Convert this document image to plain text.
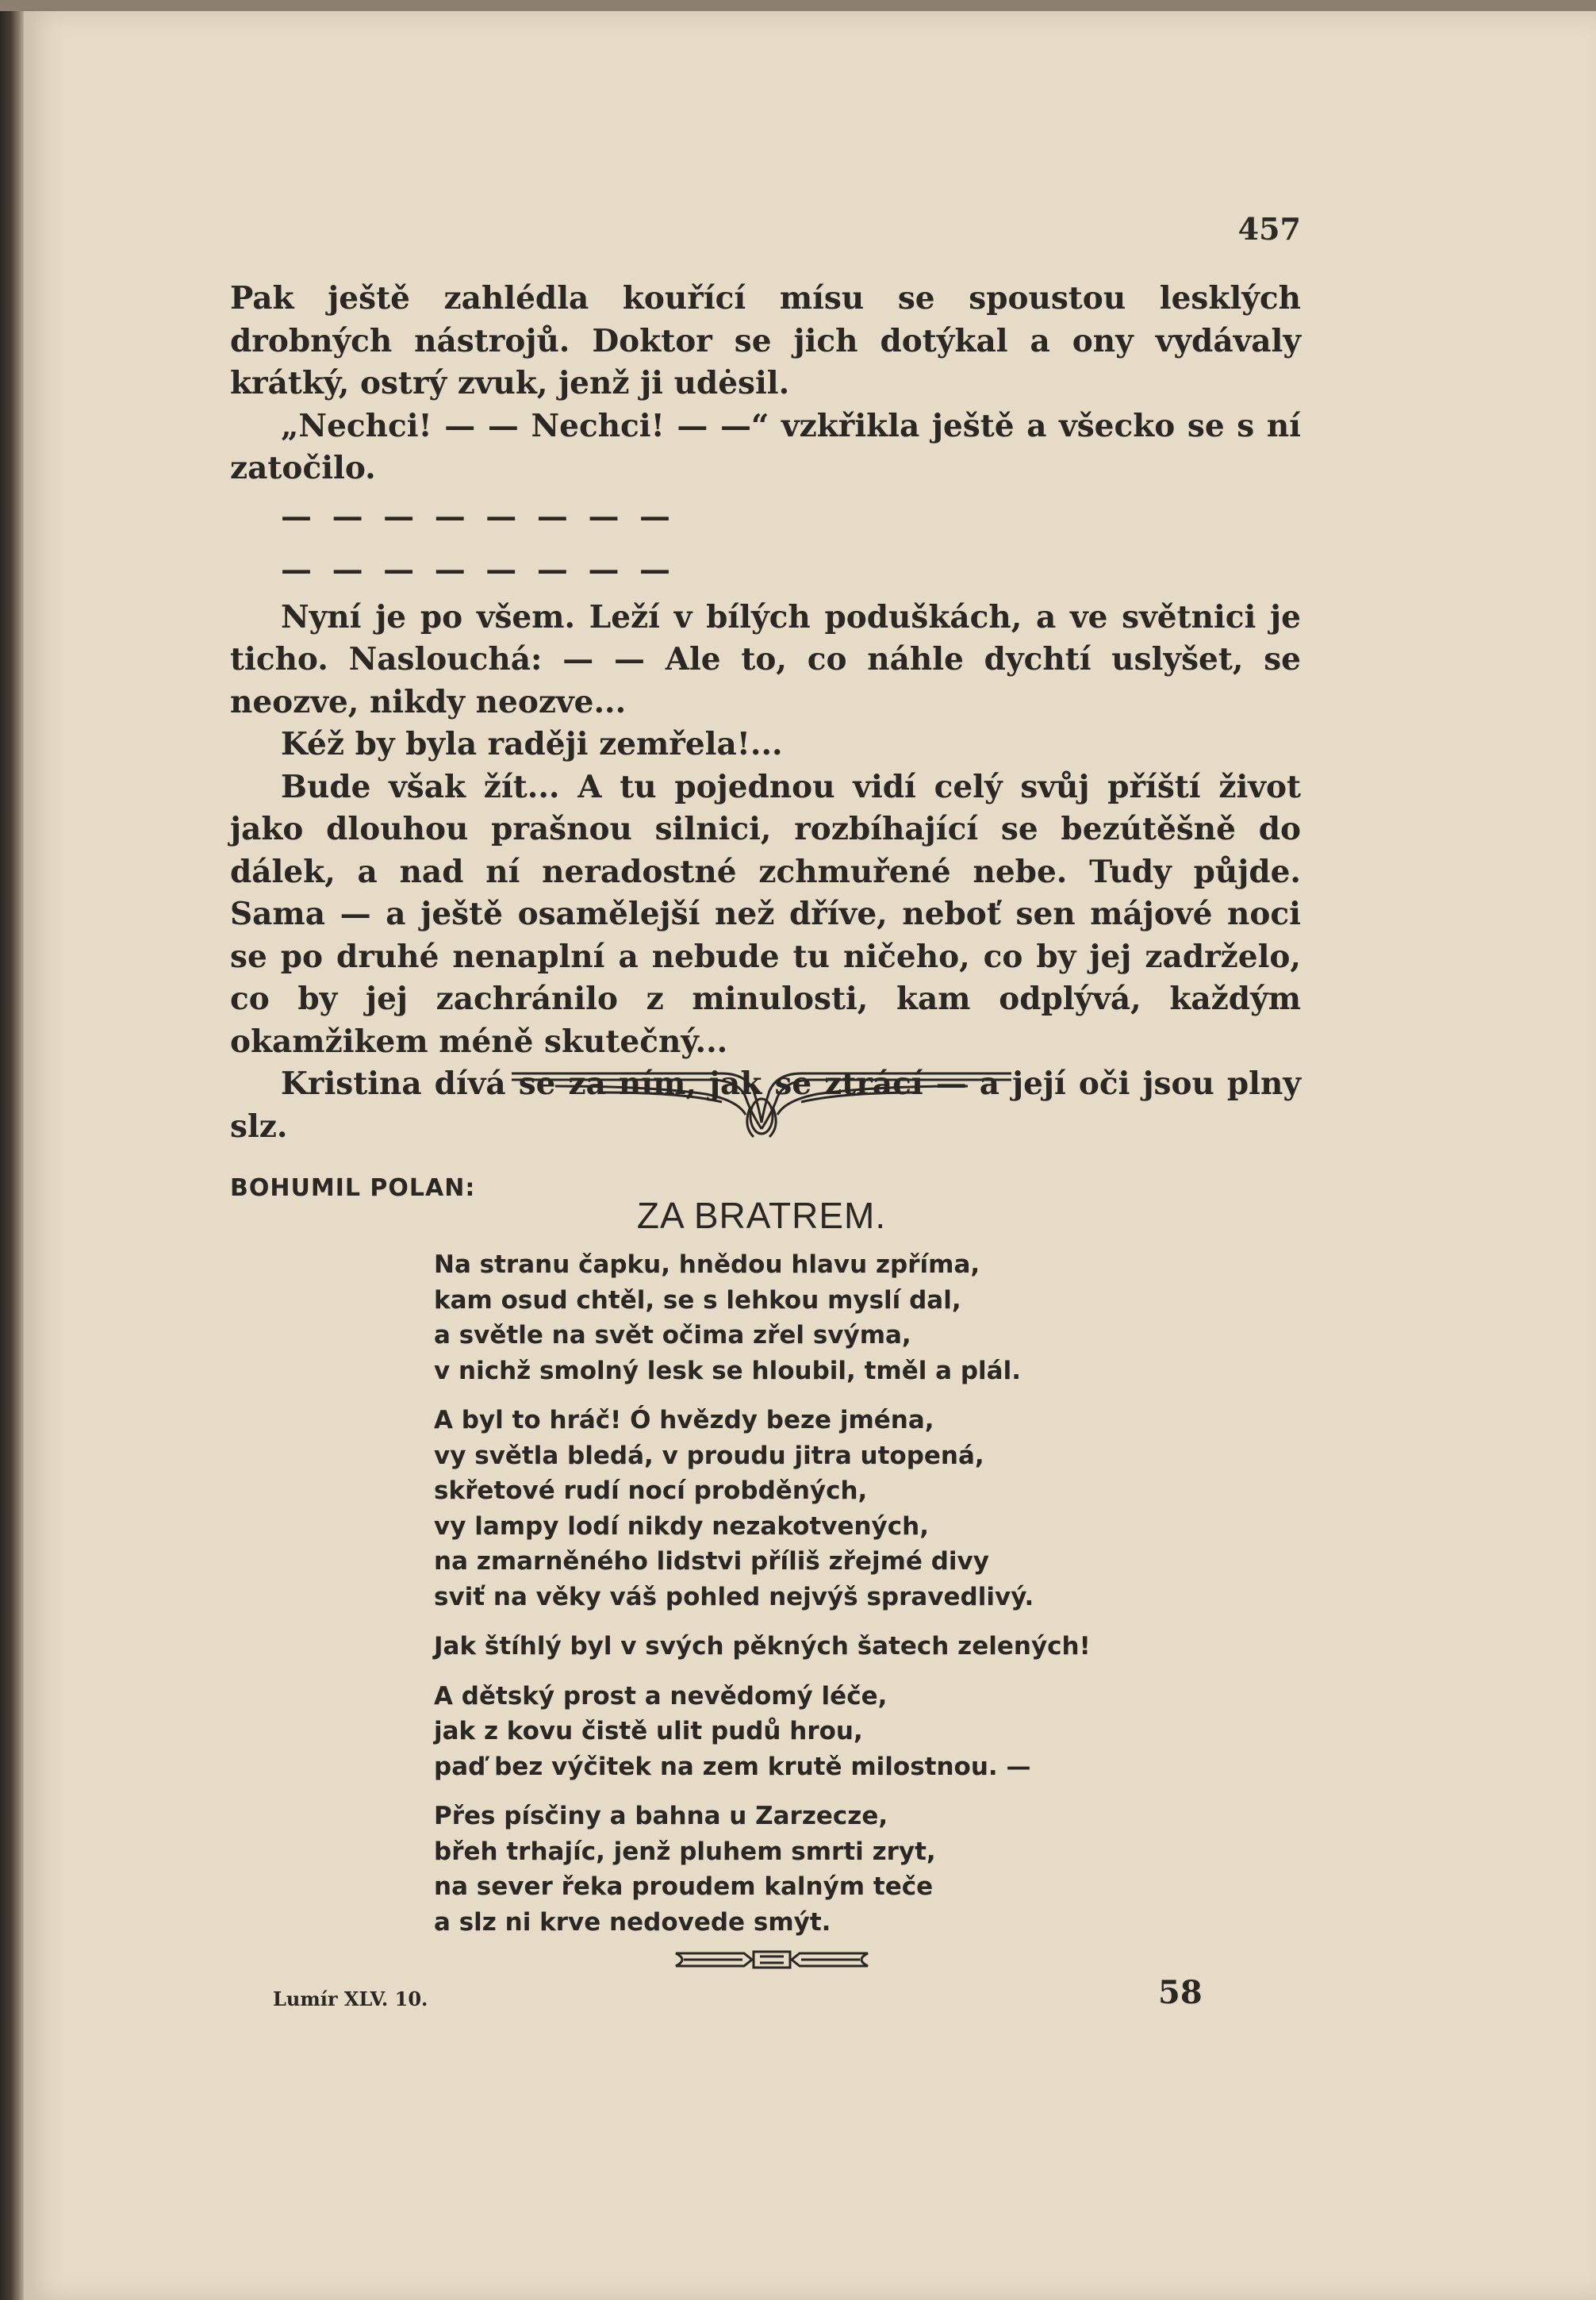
457

Pak ještě zahlédla kouřící mísu se spoustou lesklých drobných nástrojů. Doktor se jich dotýkal a ony vydávaly krátký, ostrý zvuk, jenž ji udėsil.

„Nechci! — — Nechci! — —“ vzkřikla ještě a všecko se s ní zatočilo.

— — — — — — — —

— — — — — — — —

Nyní je po všem. Leží v bílých poduškách, a ve světnici je ticho. Naslouchá: — — Ale to, co náhle dychtí uslyšet, se neozve, nikdy neozve...

Kéž by byla raději zemřela!...

Bude však žít... A tu pojednou vidí celý svůj příští život jako dlouhou prašnou silnici, rozbíhající se bezútěšně do dálek, a nad ní neradostné zchmuřené nebe. Tudy půjde. Sama — a ještě osamělejší než dříve, neboť sen májové noci se po druhé nenaplní a nebude tu ničeho, co by jej zadrželo, co by jej zachránilo z minulosti, kam odplývá, každým okamžikem méně skutečný...

Kristina dívá se za ním, jak se ztrácí — a její oči jsou plny slz.

BOHUMIL POLAN:
ZA BRATREM.
Na stranu čapku, hnědou hlavu zpříma,
kam osud chtěl, se s lehkou myslí dal,
a světle na svět očima zřel svýma,
v nichž smolný lesk se hloubil, tměl a plál.
A byl to hráč! Ó hvězdy beze jména,
vy světla bledá, v proudu jitra utopená,
skřetové rudí nocí probděných,
vy lampy lodí nikdy nezakotvených,
na zmarněného lidstvi příliš zřejmé divy
sviť na věky váš pohled nejvýš spravedlivý.
Jak štíhlý byl v svých pěkných šatech zelených!
A dětský prost a nevědomý léče,
jak z kovu čistě ulit pudů hrou,
paď bez výčitek na zem krutě milostnou. —
Přes písčiny a bahna u Zarzecze,
břeh trhajíc, jenž pluhem smrti zryt,
na sever řeka proudem kalným teče
a slz ni krve nedovede smýt.
Lumír XLV. 10.	58
